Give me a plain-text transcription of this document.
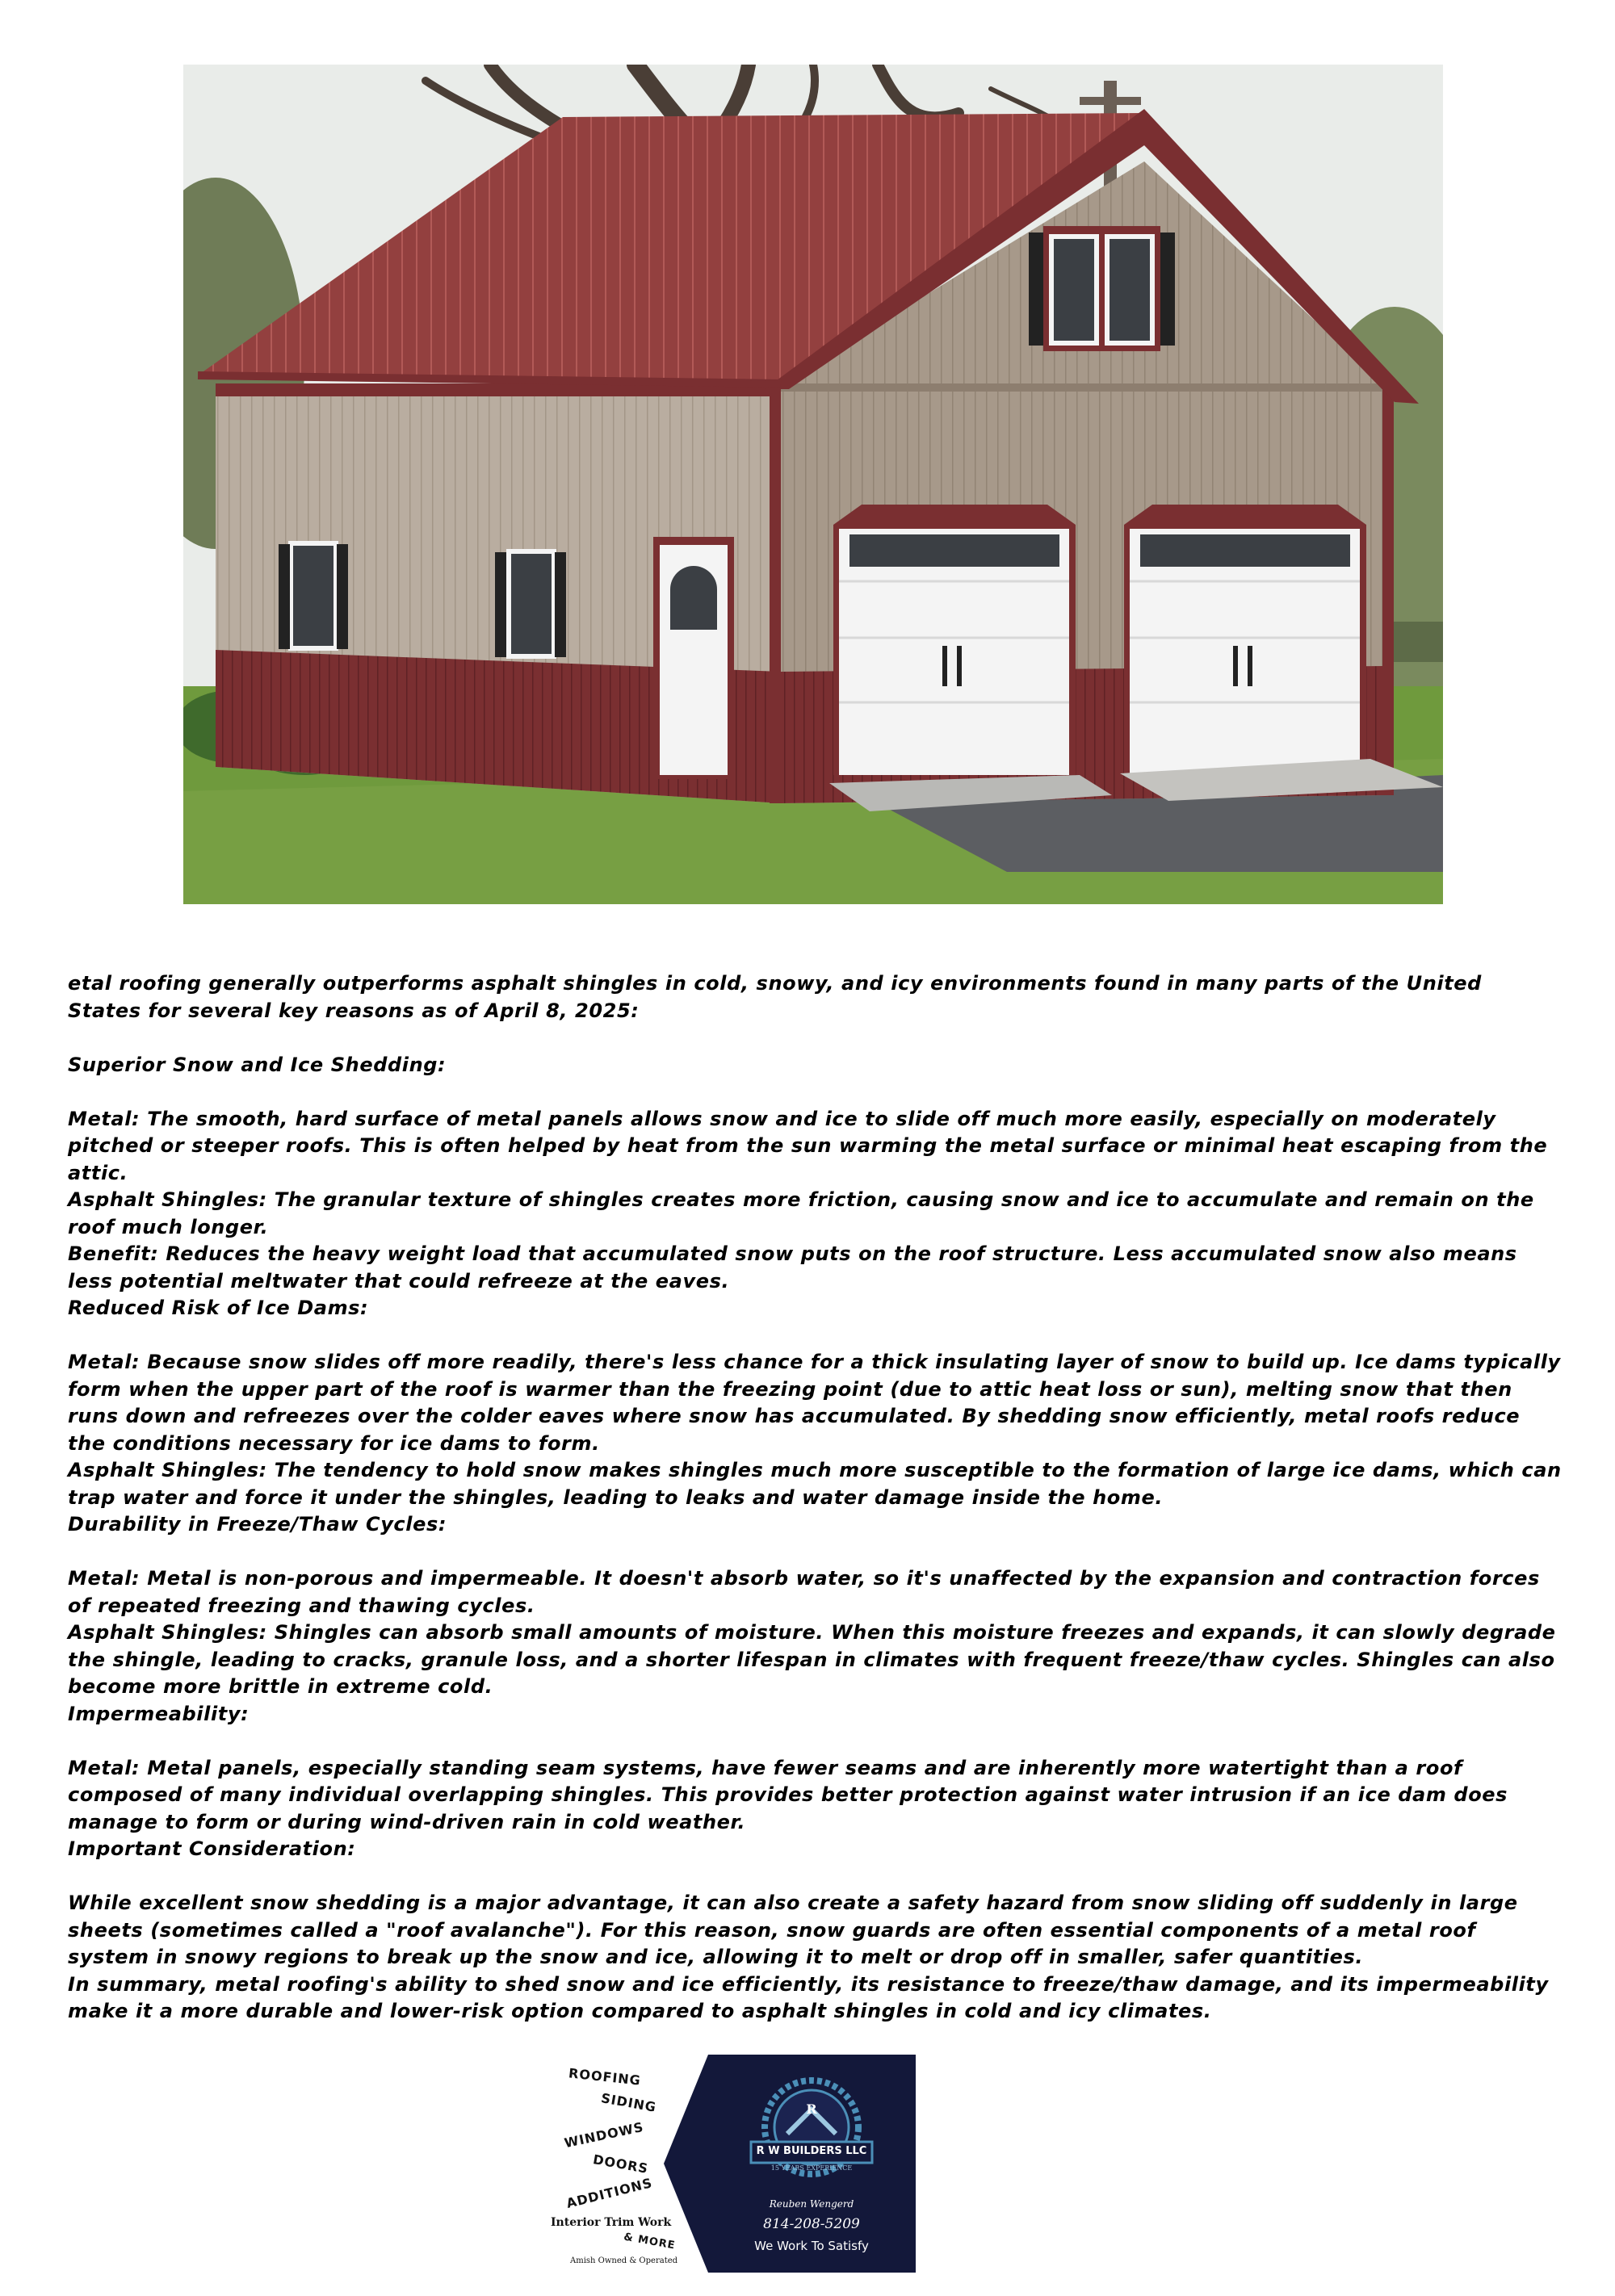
etal roofing generally outperforms asphalt shingles in cold, snowy, and icy environments found in many parts of the United States for several key reasons as of April 8, 2025:

Superior Snow and Ice Shedding:

Metal: The smooth, hard surface of metal panels allows snow and ice to slide off much more easily, especially on moderately pitched or steeper roofs. This is often helped by heat from the sun warming the metal surface or minimal heat escaping from the attic.

Asphalt Shingles: The granular texture of shingles creates more friction, causing snow and ice to accumulate and remain on the roof much longer.

Benefit: Reduces the heavy weight load that accumulated snow puts on the roof structure. Less accumulated snow also means less potential meltwater that could refreeze at the eaves.

Reduced Risk of Ice Dams:

Metal: Because snow slides off more readily, there's less chance for a thick insulating layer of snow to build up. Ice dams typically form when the upper part of the roof is warmer than the freezing point (due to attic heat loss or sun), melting snow that then runs down and refreezes over the colder eaves where snow has accumulated. By shedding snow efficiently, metal roofs reduce the conditions necessary for ice dams to form.

Asphalt Shingles: The tendency to hold snow makes shingles much more susceptible to the formation of large ice dams, which can trap water and force it under the shingles, leading to leaks and water damage inside the home.

Durability in Freeze/Thaw Cycles:

Metal: Metal is non-porous and impermeable. It doesn't absorb water, so it's unaffected by the expansion and contraction forces of repeated freezing and thawing cycles.

Asphalt Shingles: Shingles can absorb small amounts of moisture. When this moisture freezes and expands, it can slowly degrade the shingle, leading to cracks, granule loss, and a shorter lifespan in climates with frequent freeze/thaw cycles. Shingles can also become more brittle in extreme cold.

Impermeability:

Metal: Metal panels, especially standing seam systems, have fewer seams and are inherently more watertight than a roof composed of many individual overlapping shingles. This provides better protection against water intrusion if an ice dam does manage to form or during wind-driven rain in cold weather.

Important Consideration:

While excellent snow shedding is a major advantage, it can also create a safety hazard from snow sliding off suddenly in large sheets (sometimes called a "roof avalanche"). For this reason, snow guards are often essential components of a metal roof system in snowy regions to break up the snow and ice, allowing it to melt or drop off in smaller, safer quantities.

In summary, metal roofing's ability to shed snow and ice efficiently, its resistance to freeze/thaw damage, and its impermeability make it a more durable and lower-risk option compared to asphalt shingles in cold and icy climates.

ROOFING
SIDING
WINDOWS
DOORS
ADDITIONS
Interior Trim Work
& MORE
Amish Owned & Operated
R
R W BUILDERS LLC
15 YEARS EXPERIENCE
Reuben Wengerd
814-208-5209
We Work To Satisfy
